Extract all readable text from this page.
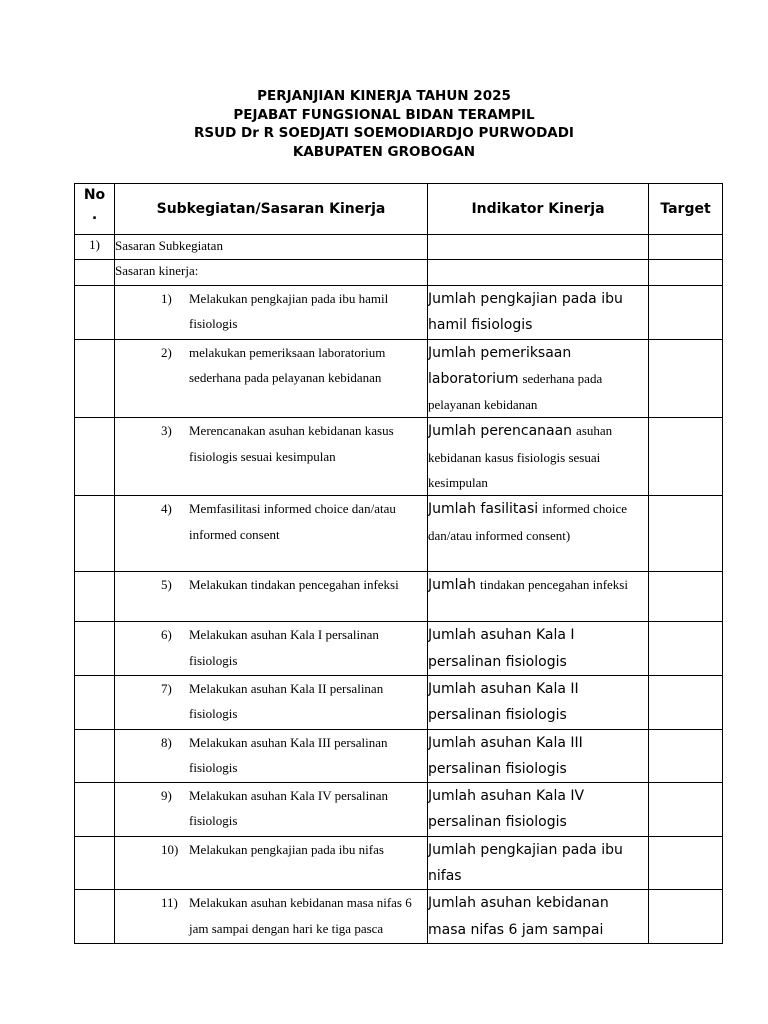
PERJANJIAN KINERJA TAHUN 2025
PEJABAT FUNGSIONAL BIDAN TERAMPIL
RSUD Dr R SOEDJATI SOEMODIARDJO PURWODADI
KABUPATEN GROBOGAN
No
.	Subkegiatan/Sasaran Kinerja	Indikator Kinerja	Target
1)	Sasaran Subkegiatan		
	Sasaran kinerja:		

	1) Melakukan pengkajian pada ibu hamil fisiologis	Jumlah pengkajian pada ibu hamil fisiologis	

	2) melakukan pemeriksaan laboratorium sederhana pada pelayanan kebidanan	Jumlah pemeriksaan laboratorium sederhana pada pelayanan kebidanan	

	3) Merencanakan asuhan kebidanan kasus fisiologis sesuai kesimpulan	Jumlah perencanaan asuhan kebidanan kasus fisiologis sesuai kesimpulan	

	4) Memfasilitasi informed choice dan/atau informed consent	Jumlah fasilitasi informed choice dan/atau informed consent)	

	5) Melakukan tindakan pencegahan infeksi	Jumlah tindakan pencegahan infeksi	

	6) Melakukan asuhan Kala I persalinan fisiologis	Jumlah asuhan Kala I persalinan fisiologis	

	7) Melakukan asuhan Kala II persalinan fisiologis	Jumlah asuhan Kala II persalinan fisiologis	

	8) Melakukan asuhan Kala III persalinan fisiologis	Jumlah asuhan Kala III persalinan fisiologis	

	9) Melakukan asuhan Kala IV persalinan fisiologis	Jumlah asuhan Kala IV persalinan fisiologis	

	10) Melakukan pengkajian pada ibu nifas	Jumlah pengkajian pada ibu nifas	

	11) Melakukan asuhan kebidanan masa nifas 6 jam sampai dengan hari ke tiga pasca	Jumlah asuhan kebidanan masa nifas 6 jam sampai	
